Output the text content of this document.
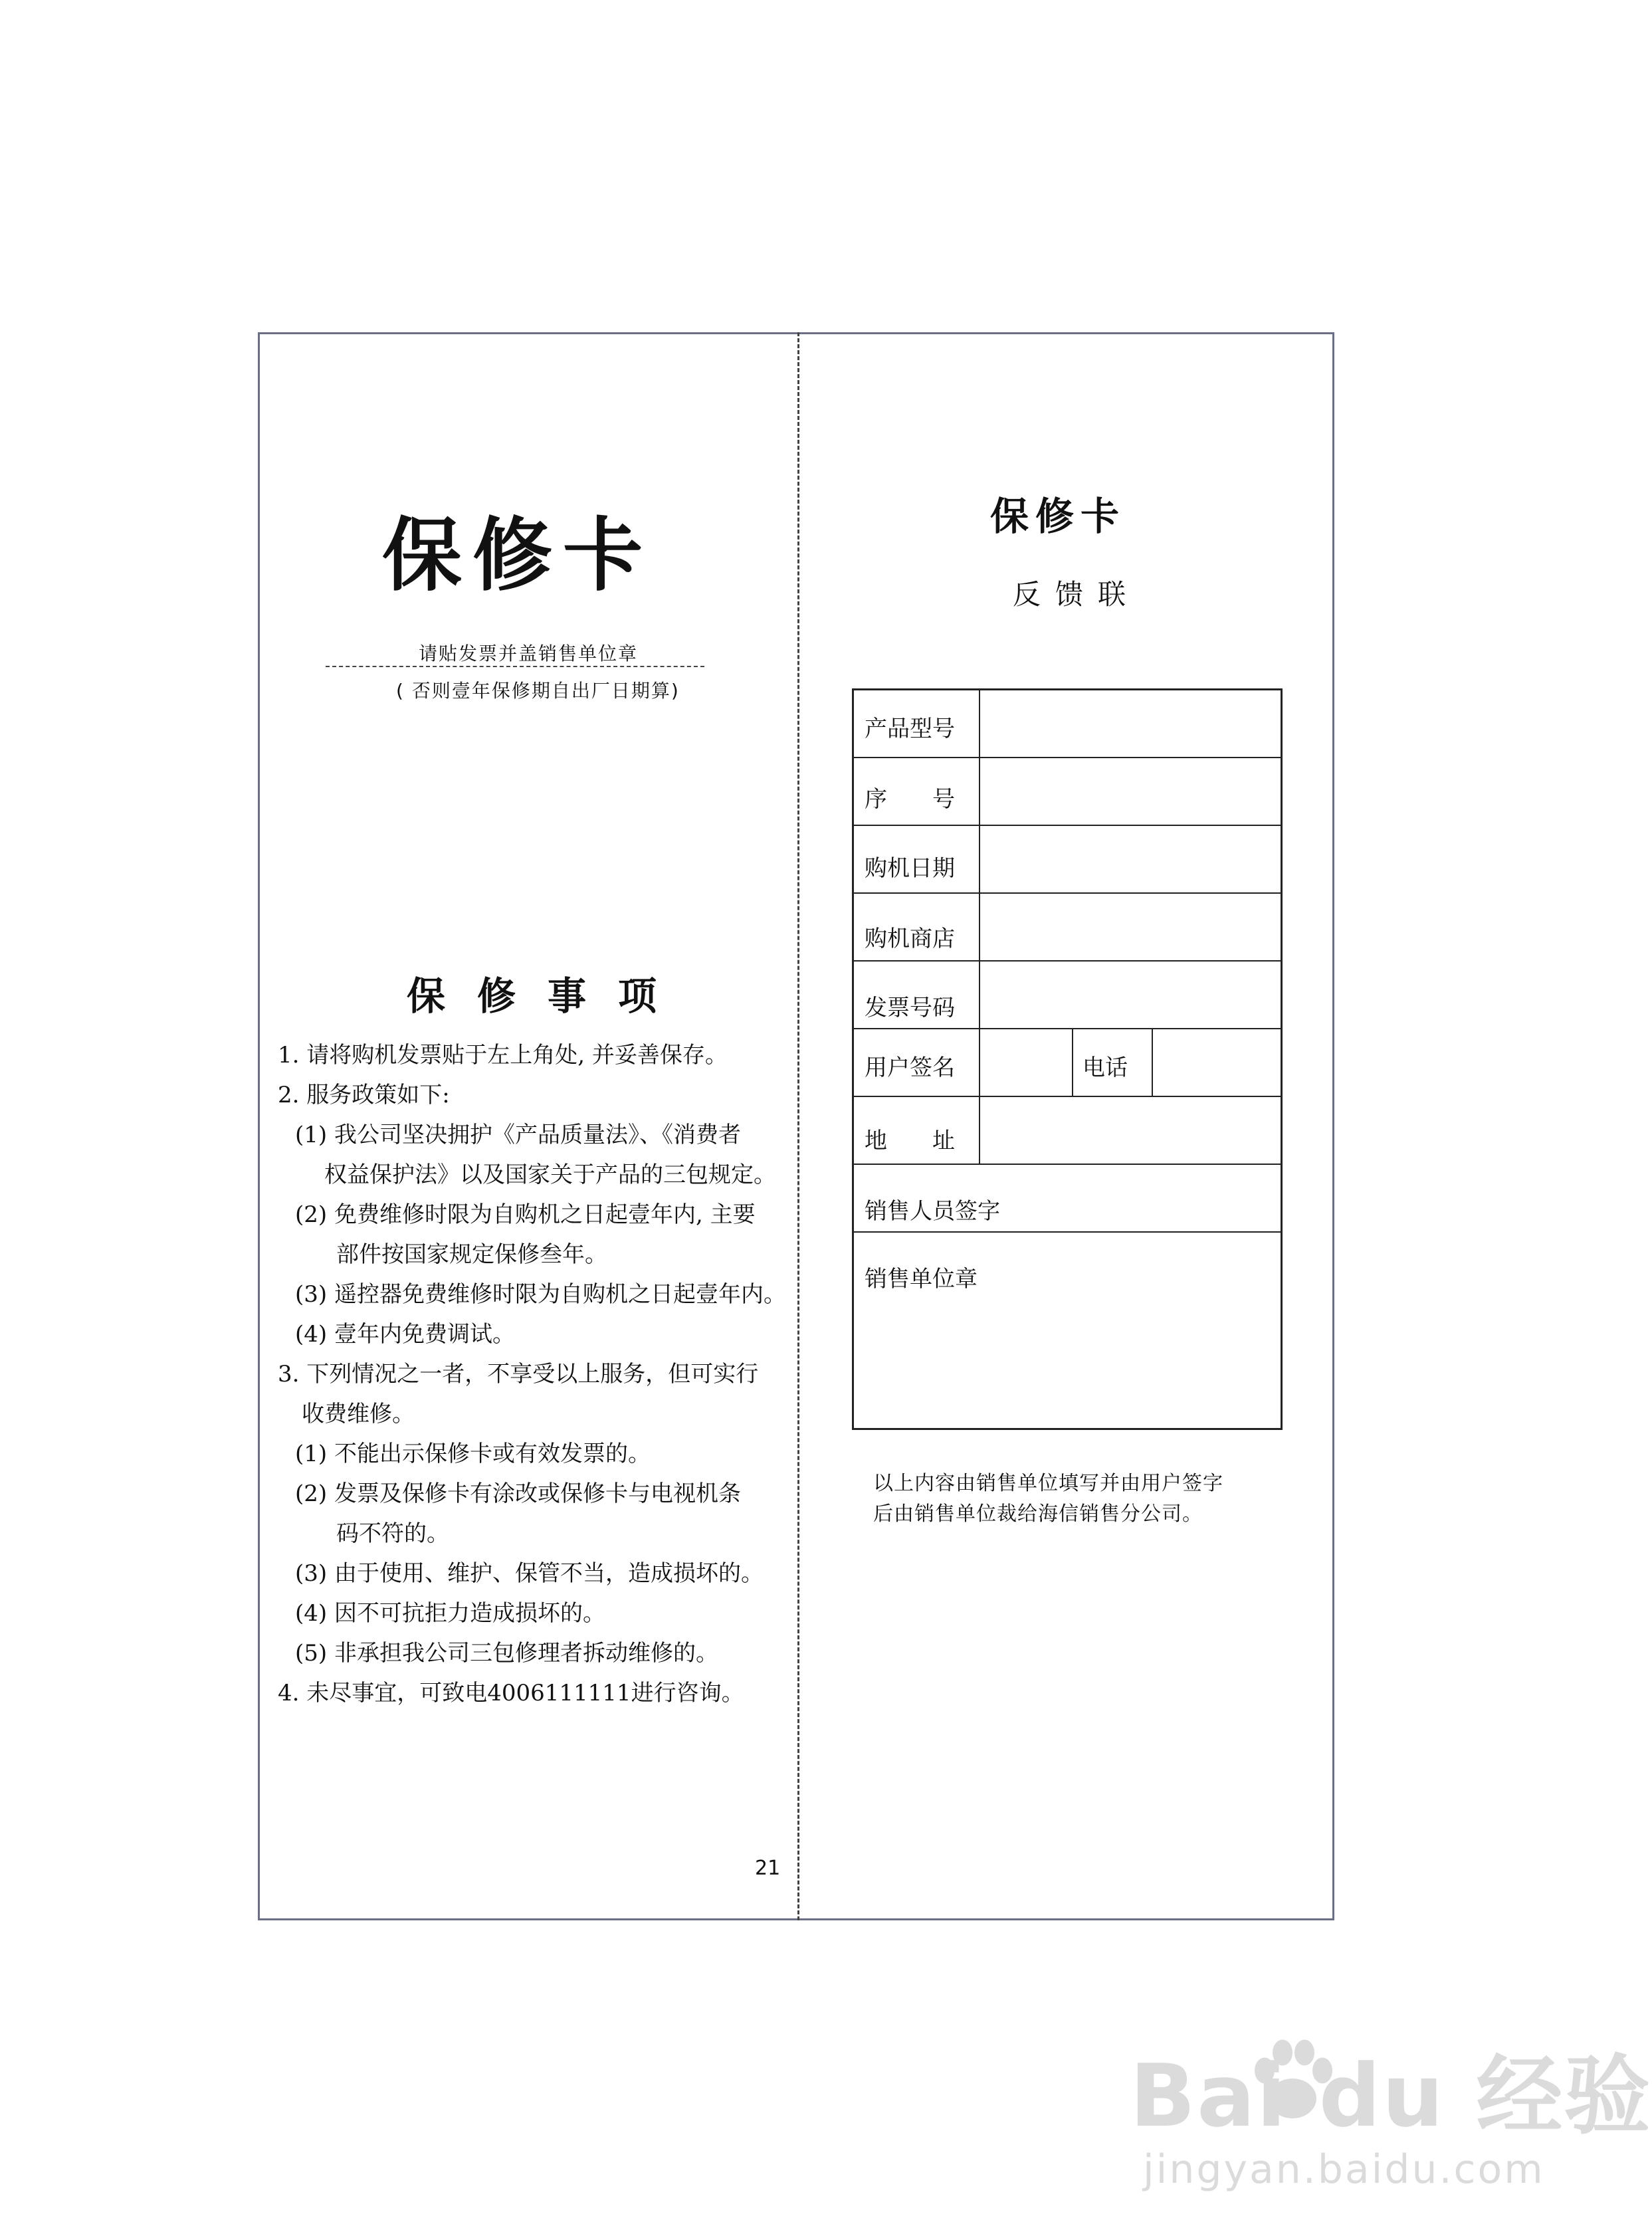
保修卡
请贴发票并盖销售单位章
( 否则壹年保修期自出厂日期算)
保修事项
1. 请将购机发票贴于左上角处, 并妥善保存。
2. 服务政策如下:
(1) 我公司坚决拥护《产品质量法》、《消费者
权益保护法》以及国家关于产品的三包规定。
(2) 免费维修时限为自购机之日起壹年内, 主要
部件按国家规定保修叁年。
(3) 遥控器免费维修时限为自购机之日起壹年内。
(4) 壹年内免费调试。
3. 下列情况之一者，不享受以上服务，但可实行
收费维修。
(1) 不能出示保修卡或有效发票的。
(2) 发票及保修卡有涂改或保修卡与电视机条
码不符的。
(3) 由于使用、维护、保管不当，造成损坏的。
(4) 因不可抗拒力造成损坏的。
(5) 非承担我公司三包修理者拆动维修的。
4. 未尽事宜，可致电4006111111进行咨询。
21
保修卡
反馈联
产品型号
序　　号
购机日期
购机商店
发票号码
用户签名	电话
地　　址
销售人员签字
销售单位章
以上内容由销售单位填写并由用户签字
后由销售单位裁给海信销售分公司。
Bai du 经验
jingyan.baidu.com
